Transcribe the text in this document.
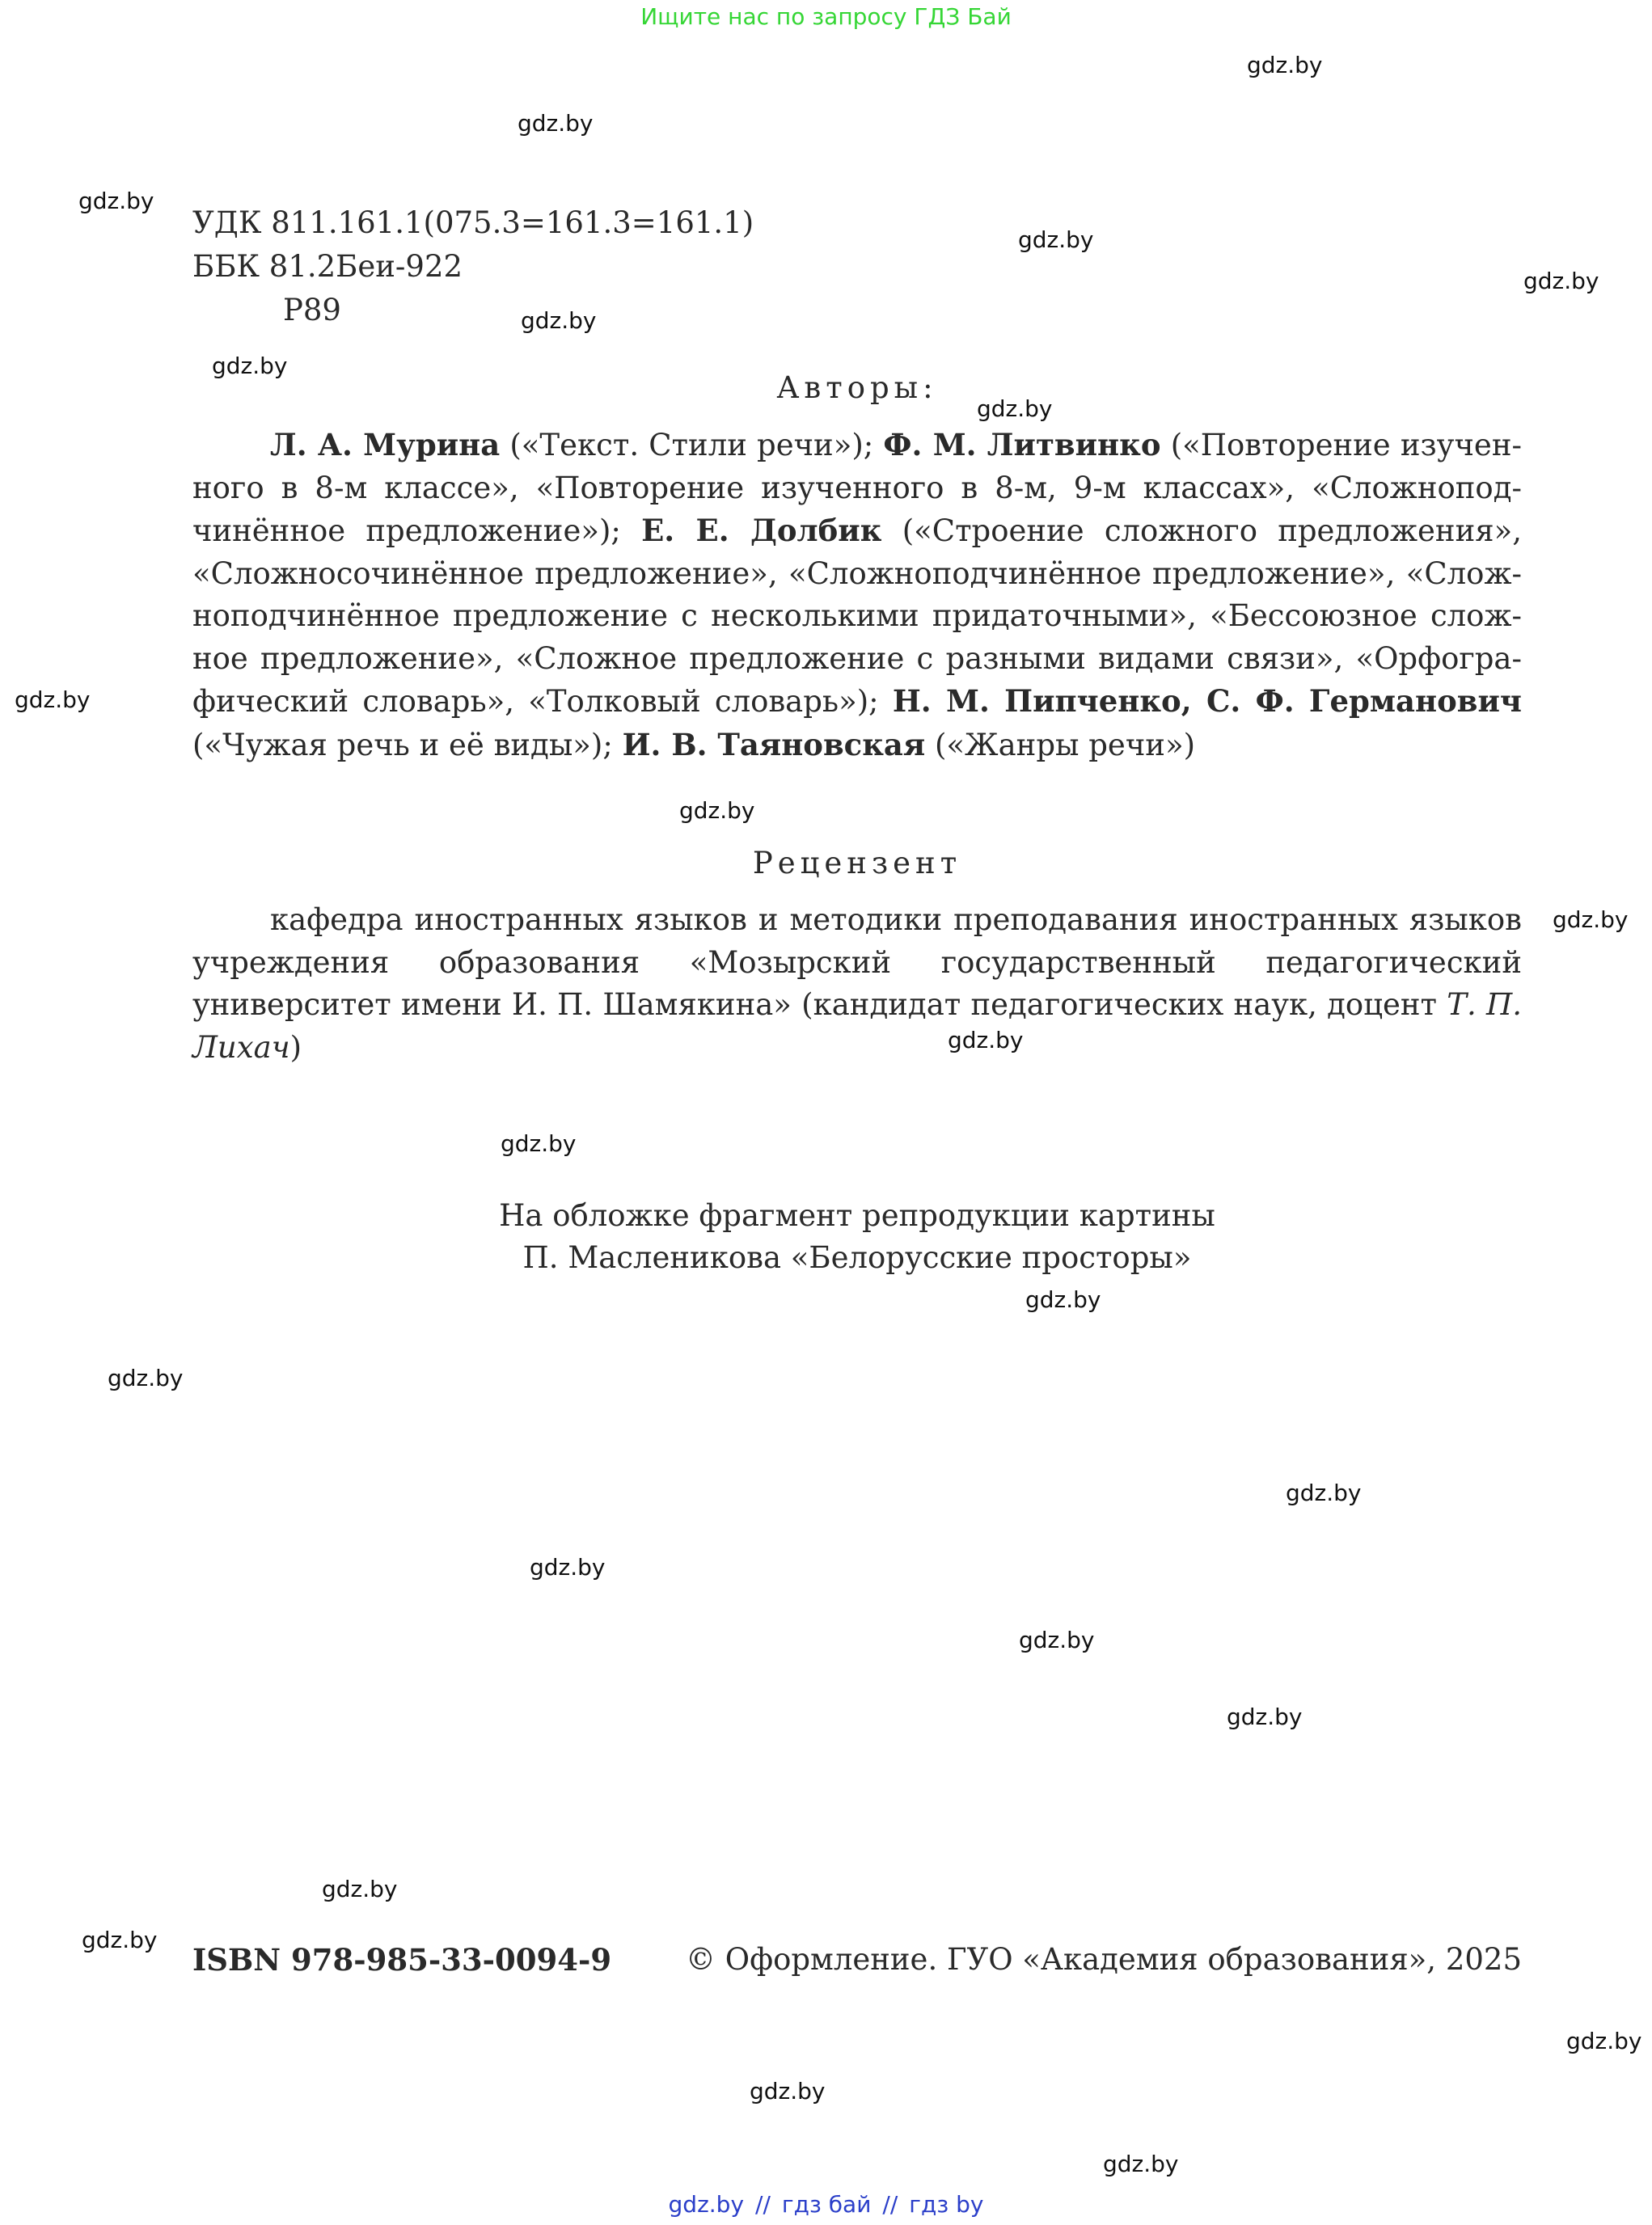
Ищите нас по запросу ГДЗ Бай
gdz.by
gdz.by
gdz.by
gdz.by
gdz.by
gdz.by
gdz.by
gdz.by
gdz.by
gdz.by
gdz.by
gdz.by
gdz.by
gdz.by
gdz.by
gdz.by
gdz.by
gdz.by
gdz.by
gdz.by
gdz.by
gdz.by
gdz.by
gdz.by
УДК 811.161.1(075.3=161.3=161.1)
ББК 81.2Беи-922
Р89
Авторы:
Л. А. Мурина («Текст. Стили речи»); Ф. М. Литвинко («Повторение изученного в 8-м классе», «Повторение изученного в 8-м, 9-м классах», «Сложноподчинённое предложение»); Е. Е. Долбик («Строение сложного предложения», «Сложносочинённое предложение», «Сложноподчинённое предложение», «Сложноподчинённое предложение с несколькими придаточными», «Бессоюзное сложное предложение», «Сложное предложение с разными видами связи», «Орфографический словарь», «Толковый словарь»); Н. М. Пипченко, С. Ф. Германович («Чужая речь и её виды»); И. В. Таяновская («Жанры речи»)
Рецензент
кафедра иностранных языков и методики преподавания иностранных языков учреждения образования «Мозырский государственный педагогический университет имени И. П. Шамякина» (кандидат педагогических наук, доцент Т. П. Лихач)
На обложке фрагмент репродукции картины
П. Масленикова «Белорусские просторы»
ISBN 978-985-33-0094-9 © Оформление. ГУО «Академия образования», 2025
gdz.by // гдз бай // гдз by
